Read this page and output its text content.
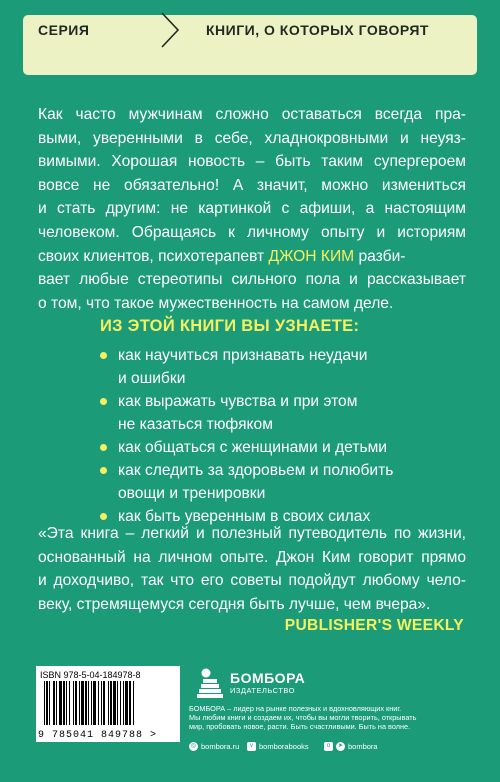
СЕРИЯ	КНИГИ, О КОТОРЫХ ГОВОРЯТ
Как часто мужчинам сложно оставаться всегда пра-
выми, уверенными в себе, хладнокровными и неуяз-
вимыми. Хорошая новость – быть таким супергероем
вовсе не обязательно! А значит, можно измениться
и стать другим: не картинкой с афиши, а настоящим
человеком. Обращаясь к личному опыту и историям
своих клиентов, психотерапевт ДЖОН КИМ разби-
вает любые стереотипы сильного пола и рассказывает
о том, что такое мужественность на самом деле.
ИЗ ЭТОЙ КНИГИ ВЫ УЗНАЕТЕ:
как научиться признавать неудачи
и ошибки
как выражать чувства и при этом
не казаться тюфяком
как общаться с женщинами и детьми
как следить за здоровьем и полюбить
овощи и тренировки
как быть уверенным в своих силах
«Эта книга – легкий и полезный путеводитель по жизни,
основанный на личном опыте. Джон Ким говорит прямо
и доходчиво, так что его советы подойдут любому чело-
веку, стремящемуся сегодня быть лучше, чем вчера».
PUBLISHER'S WEEKLY
ISBN 978-5-04-184978-8
9 785041 849788 >
БОМБОРА
ИЗДАТЕЛЬСТВО
БОМБОРА – лидер на рынке полезных и вдохновляющих книг.
Мы любим книги и создаем их, чтобы вы могли творить, открывать
мир, пробовать новое, расти. Быть счастливыми. Быть на волне.
◎ bombora.ru	v bomborabooks	o	➤ bombora
